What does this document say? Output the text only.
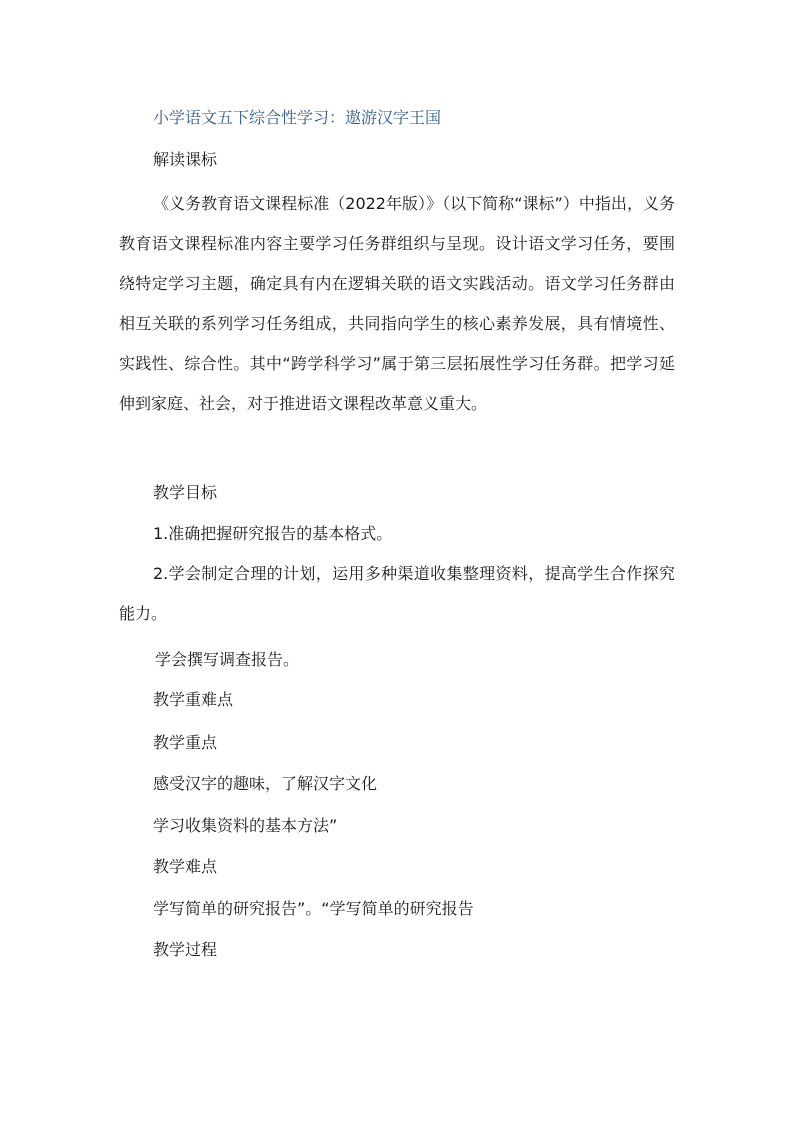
小学语文五下综合性学习：遨游汉字王国
解读课标
《义务教育语文课程标准（2022年版）》（以下简称“课标”）中指出，义务教育语文课程标准内容主要学习任务群组织与呈现。设计语文学习任务，要围绕特定学习主题，确定具有内在逻辑关联的语文实践活动。语文学习任务群由相互关联的系列学习任务组成，共同指向学生的核心素养发展，具有情境性、实践性、综合性。其中“跨学科学习”属于第三层拓展性学习任务群。把学习延伸到家庭、社会，对于推进语文课程改革意义重大。
教学目标
1.准确把握研究报告的基本格式。
2.学会制定合理的计划，运用多种渠道收集整理资料，提高学生合作探究能力。
学会撰写调查报告。
教学重难点
教学重点
感受汉字的趣味，了解汉字文化
学习收集资料的基本方法”
教学难点
学写简单的研究报告”。“学写简单的研究报告
教学过程
